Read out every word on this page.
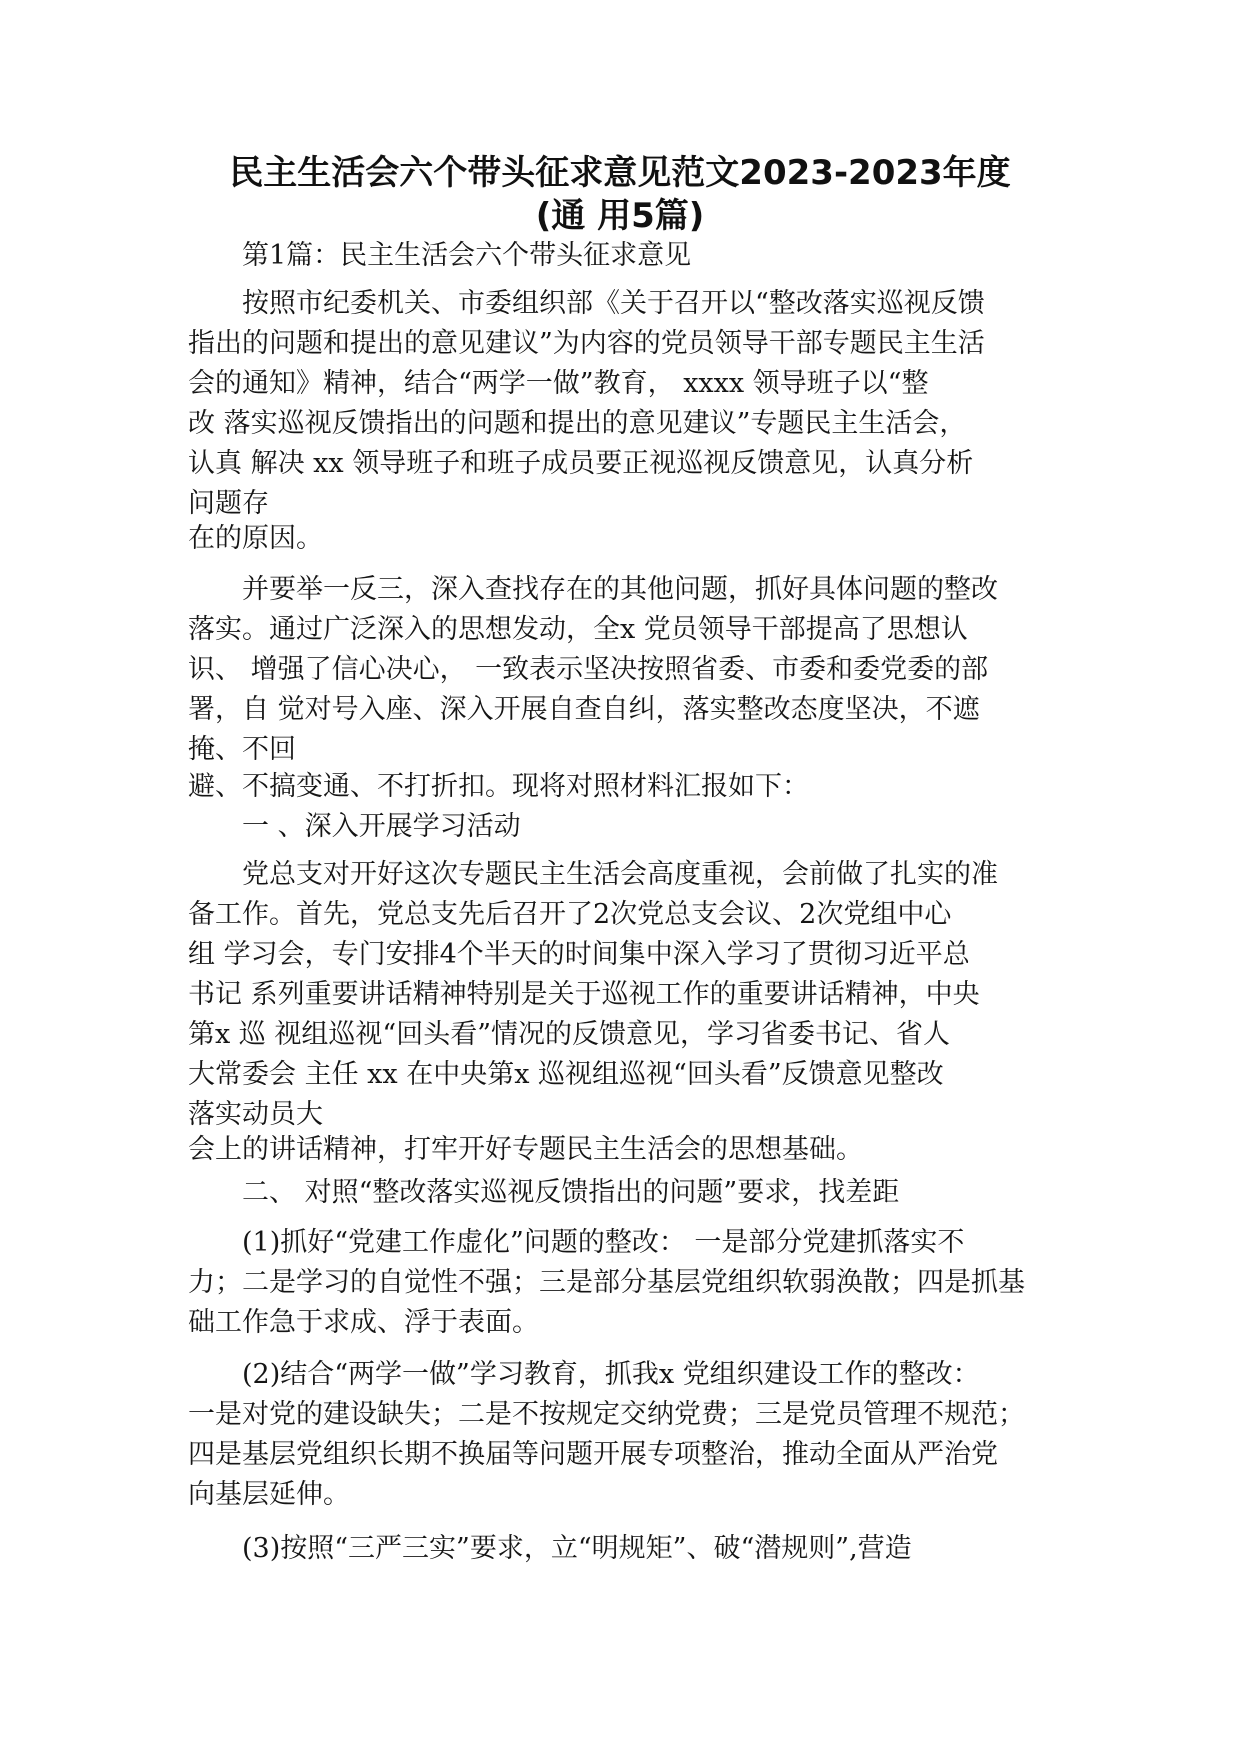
民主生活会六个带头征求意见范文2023-2023年度
(通 用5篇)
第1篇：民主生活会六个带头征求意见
按照市纪委机关、市委组织部《关于召开以“整改落实巡视反馈
指出的问题和提出的意见建议”为内容的党员领导干部专题民主生活
会的通知》精神，结合“两学一做”教育， xxxx 领导班子以“整
改 落实巡视反馈指出的问题和提出的意见建议”专题民主生活会，
认真 解决 xx 领导班子和班子成员要正视巡视反馈意见，认真分析
问题存
在的原因。
并要举一反三，深入查找存在的其他问题，抓好具体问题的整改
落实。通过广泛深入的思想发动，全x 党员领导干部提高了思想认
识、 增强了信心决心， 一致表示坚决按照省委、市委和委党委的部
署，自 觉对号入座、深入开展自查自纠，落实整改态度坚决，不遮
掩、不回
避、不搞变通、不打折扣。现将对照材料汇报如下：
一 、深入开展学习活动
党总支对开好这次专题民主生活会高度重视，会前做了扎实的准
备工作。首先，党总支先后召开了2次党总支会议、2次党组中心
组 学习会，专门安排4个半天的时间集中深入学习了贯彻习近平总
书记 系列重要讲话精神特别是关于巡视工作的重要讲话精神，中央
第x 巡 视组巡视“回头看”情况的反馈意见，学习省委书记、省人
大常委会 主任 xx 在中央第x 巡视组巡视“回头看”反馈意见整改
落实动员大
会上的讲话精神，打牢开好专题民主生活会的思想基础。
二、 对照“整改落实巡视反馈指出的问题”要求，找差距
(1)抓好“党建工作虚化”问题的整改： 一是部分党建抓落实不
力；二是学习的自觉性不强；三是部分基层党组织软弱涣散；四是抓基
础工作急于求成、浮于表面。
(2)结合“两学一做”学习教育，抓我x 党组织建设工作的整改：
一是对党的建设缺失；二是不按规定交纳党费；三是党员管理不规范；
四是基层党组织长期不换届等问题开展专项整治，推动全面从严治党
向基层延伸。
(3)按照“三严三实”要求，立“明规矩”、破“潜规则”,营造
